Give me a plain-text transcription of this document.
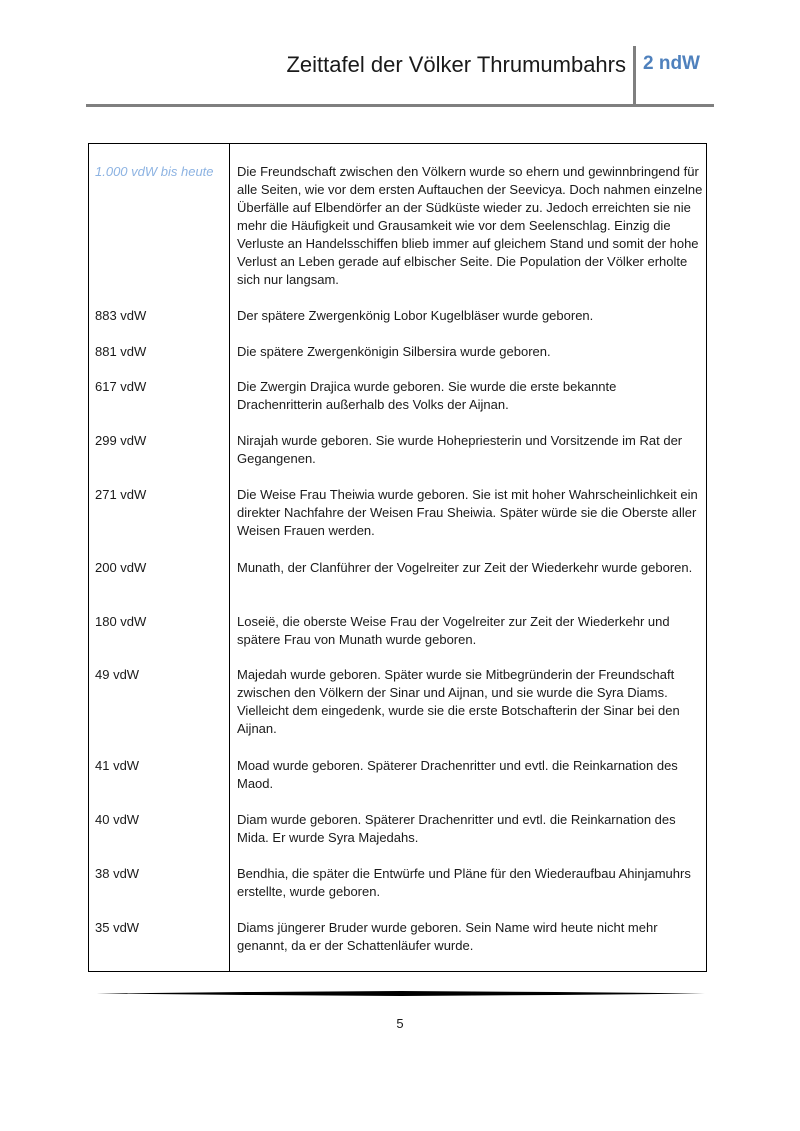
Zeittafel der Völker Thrumumbahrs 2 ndW
1.000 vdW bis heute	Die Freundschaft zwischen den Völkern wurde so ehern und gewinnbringend für alle Seiten, wie vor dem ersten Auftauchen der Seevicya. Doch nahmen einzelne Überfälle auf Elbendörfer an der Südküste wieder zu. Jedoch erreichten sie nie mehr die Häufigkeit und Grausamkeit wie vor dem Seelenschlag. Einzig die Verluste an Handelsschiffen blieb immer auf gleichem Stand und somit der hohe Verlust an Leben gerade auf elbischer Seite. Die Population der Völker erholte sich nur langsam.
883 vdW	Der spätere Zwergenkönig Lobor Kugelbläser wurde geboren.
881 vdW	Die spätere Zwergenkönigin Silbersira wurde geboren.
617 vdW	Die Zwergin Drajica wurde geboren. Sie wurde die erste bekannte Drachenritterin außerhalb des Volks der Aijnan.
299 vdW	Nirajah wurde geboren. Sie wurde Hohepriesterin und Vorsitzende im Rat der Gegangenen.
271 vdW	Die Weise Frau Theiwia wurde geboren. Sie ist mit hoher Wahrscheinlichkeit ein direkter Nachfahre der Weisen Frau Sheiwia. Später würde sie die Oberste aller Weisen Frauen werden.
200 vdW	Munath, der Clanführer der Vogelreiter zur Zeit der Wiederkehr wurde geboren.
180 vdW	Loseië, die oberste Weise Frau der Vogelreiter zur Zeit der Wiederkehr und spätere Frau von Munath wurde geboren.
49 vdW	Majedah wurde geboren. Später wurde sie Mitbegründerin der Freundschaft zwischen den Völkern der Sinar und Aijnan, und sie wurde die Syra Diams. Vielleicht dem eingedenk, wurde sie die erste Botschafterin der Sinar bei den Aijnan.
41 vdW	Moad wurde geboren. Späterer Drachenritter und evtl. die Reinkarnation des Maod.
40 vdW	Diam wurde geboren. Späterer Drachenritter und evtl. die Reinkarnation des Mida. Er wurde Syra Majedahs.
38 vdW	Bendhia, die später die Entwürfe und Pläne für den Wiederaufbau Ahinjamuhrs erstellte, wurde geboren.
35 vdW	Diams jüngerer Bruder wurde geboren. Sein Name wird heute nicht mehr genannt, da er der Schattenläufer wurde.
5
